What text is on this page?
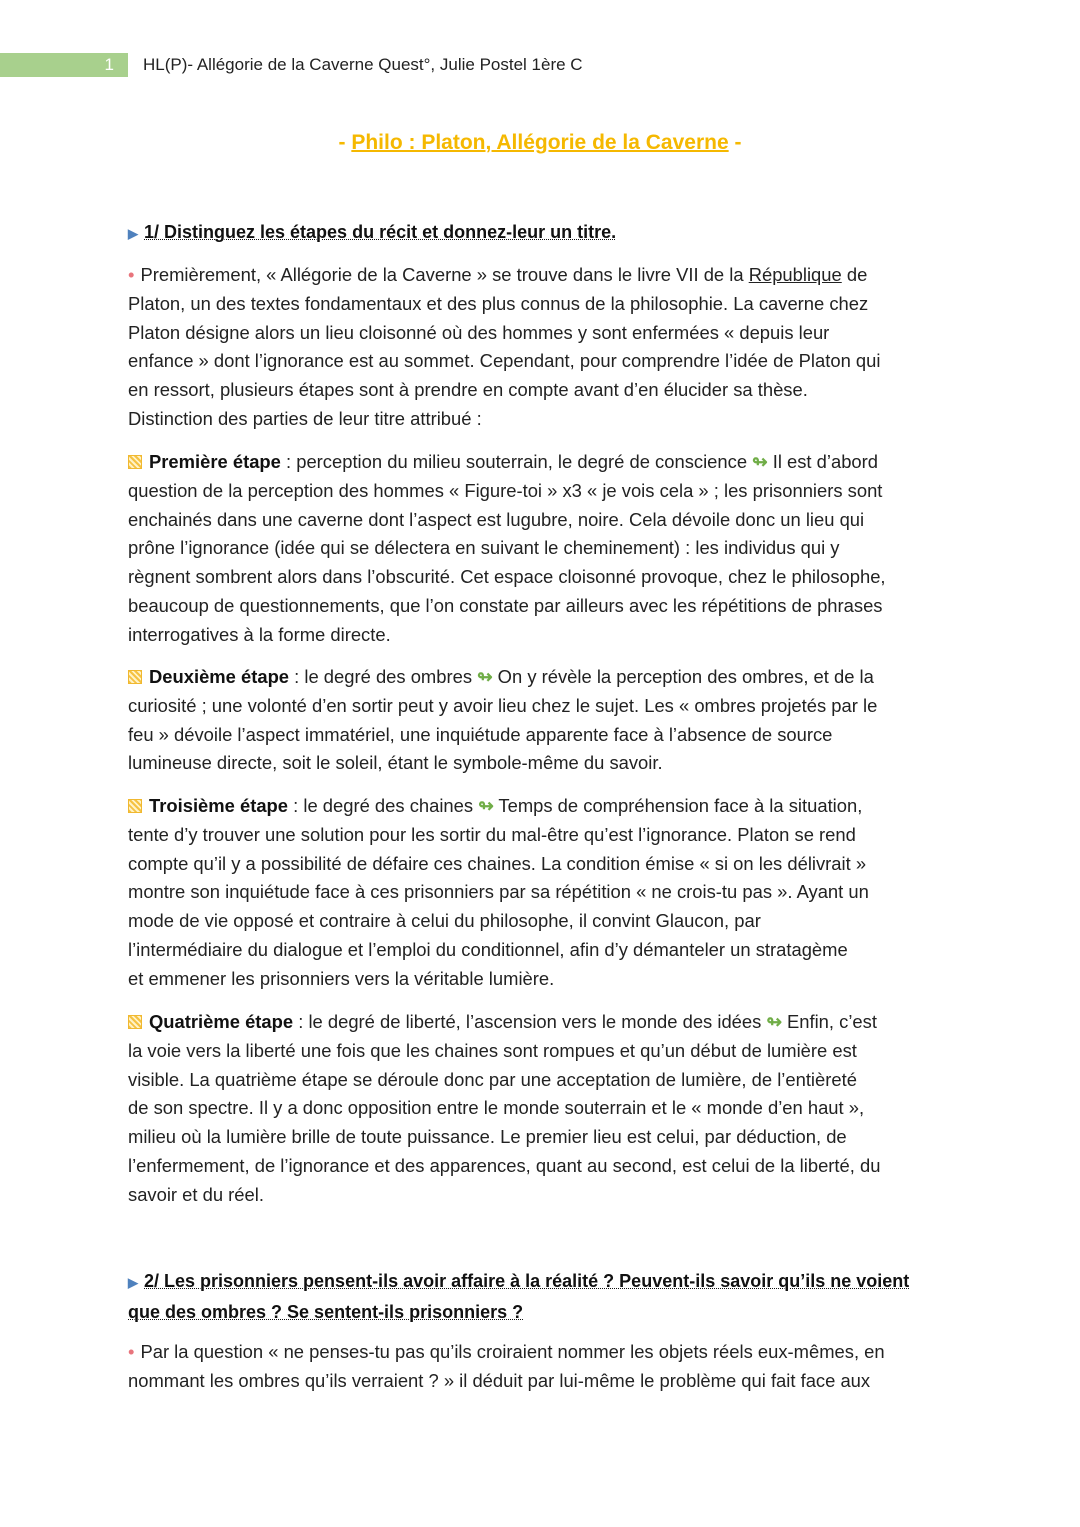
1	HL(P)- Allégorie de la Caverne Quest°, Julie Postel 1ère C
- Philo : Platon, Allégorie de la Caverne -
▶ 1/ Distinguez les étapes du récit et donnez-leur un titre.
• Premièrement, « Allégorie de la Caverne » se trouve dans le livre VII de la République de
Platon, un des textes fondamentaux et des plus connus de la philosophie. La caverne chez
Platon désigne alors un lieu cloisonné où des hommes y sont enfermées « depuis leur
enfance » dont l’ignorance est au sommet. Cependant, pour comprendre l’idée de Platon qui
en ressort, plusieurs étapes sont à prendre en compte avant d’en élucider sa thèse.
Distinction des parties de leur titre attribué :
Première étape : perception du milieu souterrain, le degré de conscience ↬ Il est d’abord
question de la perception des hommes « Figure-toi » x3 « je vois cela » ; les prisonniers sont
enchainés dans une caverne dont l’aspect est lugubre, noire. Cela dévoile donc un lieu qui
prône l’ignorance (idée qui se délectera en suivant le cheminement) : les individus qui y
règnent sombrent alors dans l’obscurité. Cet espace cloisonné provoque, chez le philosophe,
beaucoup de questionnements, que l’on constate par ailleurs avec les répétitions de phrases
interrogatives à la forme directe.
Deuxième étape : le degré des ombres ↬ On y révèle la perception des ombres, et de la
curiosité ; une volonté d’en sortir peut y avoir lieu chez le sujet. Les « ombres projetés par le
feu » dévoile l’aspect immatériel, une inquiétude apparente face à l’absence de source
lumineuse directe, soit le soleil, étant le symbole-même du savoir.
Troisième étape : le degré des chaines ↬ Temps de compréhension face à la situation,
tente d’y trouver une solution pour les sortir du mal-être qu’est l’ignorance. Platon se rend
compte qu’il y a possibilité de défaire ces chaines. La condition émise « si on les délivrait »
montre son inquiétude face à ces prisonniers par sa répétition « ne crois-tu pas ». Ayant un
mode de vie opposé et contraire à celui du philosophe, il convint Glaucon, par
l’intermédiaire du dialogue et l’emploi du conditionnel, afin d’y démanteler un stratagème
et emmener les prisonniers vers la véritable lumière.
Quatrième étape : le degré de liberté, l’ascension vers le monde des idées ↬ Enfin, c’est
la voie vers la liberté une fois que les chaines sont rompues et qu’un début de lumière est
visible. La quatrième étape se déroule donc par une acceptation de lumière, de l’entièreté
de son spectre. Il y a donc opposition entre le monde souterrain et le « monde d’en haut »,
milieu où la lumière brille de toute puissance. Le premier lieu est celui, par déduction, de
l’enfermement, de l’ignorance et des apparences, quant au second, est celui de la liberté, du
savoir et du réel.
▶ 2/ Les prisonniers pensent-ils avoir affaire à la réalité ? Peuvent-ils savoir qu’ils ne voient
que des ombres ? Se sentent-ils prisonniers ?
• Par la question « ne penses-tu pas qu’ils croiraient nommer les objets réels eux-mêmes, en
nommant les ombres qu’ils verraient ? » il déduit par lui-même le problème qui fait face aux
